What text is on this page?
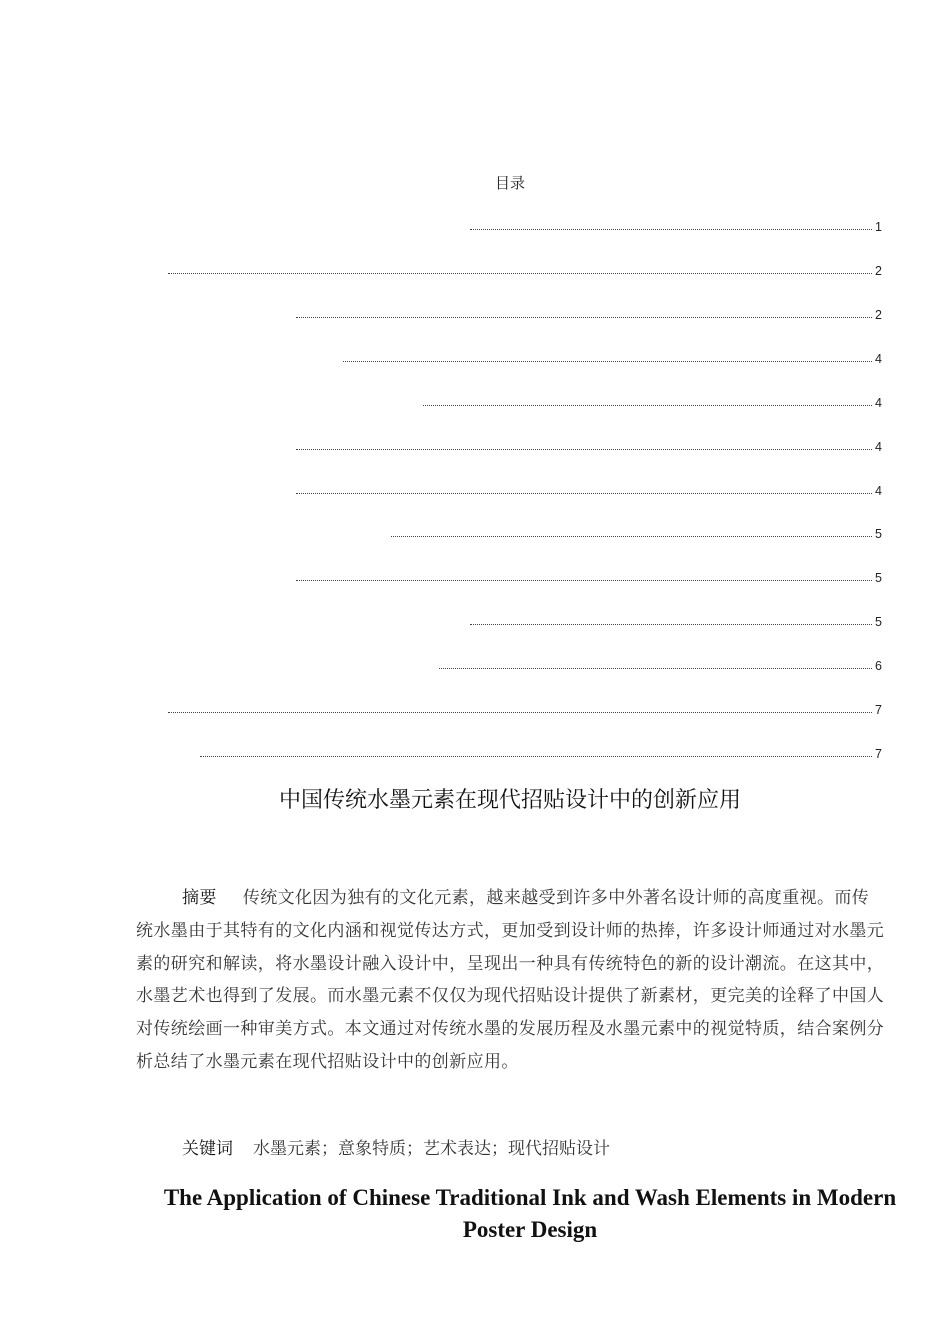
目录
1
2
2
4
4
4
4
5
5
5
6
7
7
中国传统水墨元素在现代招贴设计中的创新应用
摘要 传统文化因为独有的文化元素，越来越受到许多中外著名设计师的高度重视。而传统水墨由于其特有的文化内涵和视觉传达方式，更加受到设计师的热捧，许多设计师通过对水墨元素的研究和解读，将水墨设计融入设计中，呈现出一种具有传统特色的新的设计潮流。在这其中，水墨艺术也得到了发展。而水墨元素不仅仅为现代招贴设计提供了新素材，更完美的诠释了中国人对传统绘画一种审美方式。本文通过对传统水墨的发展历程及水墨元素中的视觉特质，结合案例分析总结了水墨元素在现代招贴设计中的创新应用。
关键词 水墨元素；意象特质；艺术表达；现代招贴设计
The Application of Chinese Traditional Ink and Wash Elements in Modern Poster Design
